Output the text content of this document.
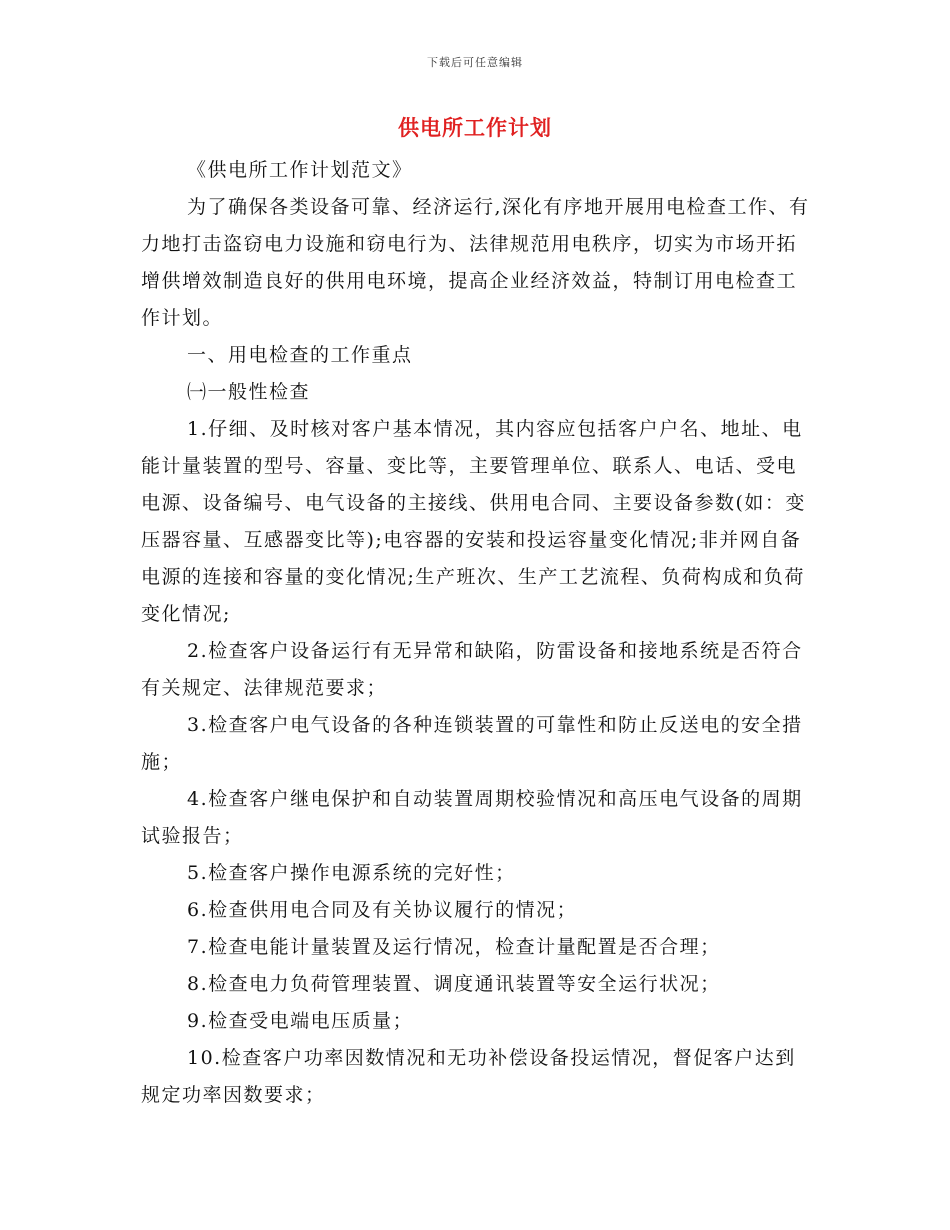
下载后可任意编辑
供电所工作计划

《供电所工作计划范文》

为了确保各类设备可靠、经济运行,深化有序地开展用电检查工作、有力地打击盗窃电力设施和窃电行为、法律规范用电秩序，切实为市场开拓增供增效制造良好的供用电环境，提高企业经济效益，特制订用电检查工作计划。

一、用电检查的工作重点

㈠一般性检查

1.仔细、及时核对客户基本情况，其内容应包括客户户名、地址、电能计量装置的型号、容量、变比等，主要管理单位、联系人、电话、受电电源、设备编号、电气设备的主接线、供用电合同、主要设备参数(如：变压器容量、互感器变比等);电容器的安装和投运容量变化情况;非并网自备电源的连接和容量的变化情况;生产班次、生产工艺流程、负荷构成和负荷变化情况;

2.检查客户设备运行有无异常和缺陷，防雷设备和接地系统是否符合有关规定、法律规范要求；

3.检查客户电气设备的各种连锁装置的可靠性和防止反送电的安全措施；

4.检查客户继电保护和自动装置周期校验情况和高压电气设备的周期试验报告；

5.检查客户操作电源系统的完好性；

6.检查供用电合同及有关协议履行的情况；

7.检查电能计量装置及运行情况，检查计量配置是否合理；

8.检查电力负荷管理装置、调度通讯装置等安全运行状况；

9.检查受电端电压质量；

10.检查客户功率因数情况和无功补偿设备投运情况，督促客户达到规定功率因数要求；
